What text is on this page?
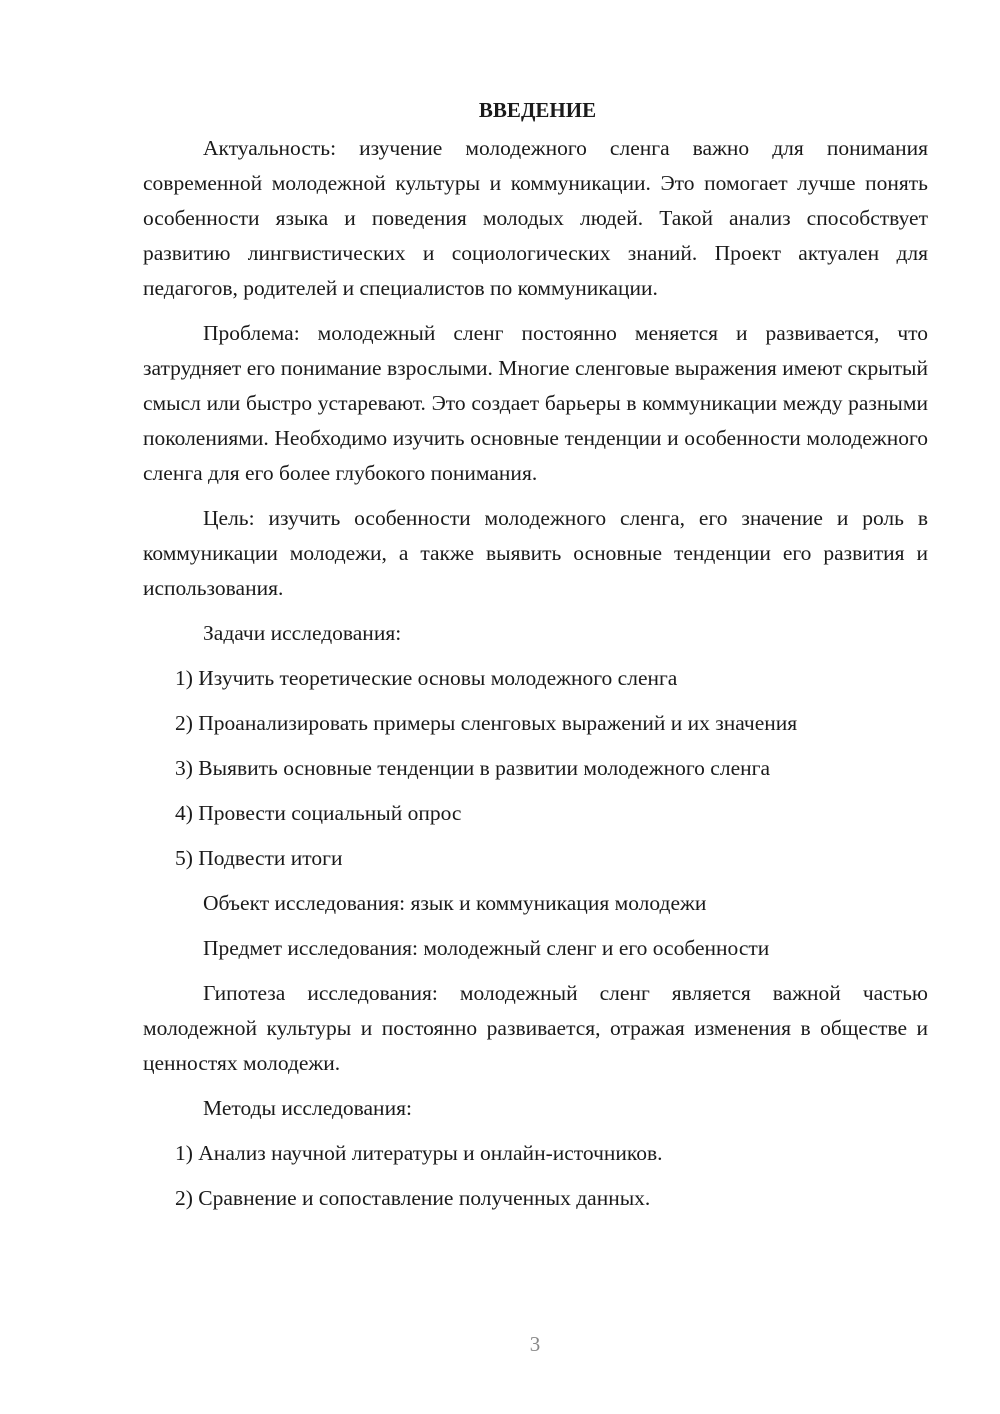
ВВЕДЕНИЕ

Актуальность: изучение молодежного сленга важно для понимания современной молодежной культуры и коммуникации. Это помогает лучше понять особенности языка и поведения молодых людей. Такой анализ способствует развитию лингвистических и социологических знаний. Проект актуален для педагогов, родителей и специалистов по коммуникации.

Проблема: молодежный сленг постоянно меняется и развивается, что затрудняет его понимание взрослыми. Многие сленговые выражения имеют скрытый смысл или быстро устаревают. Это создает барьеры в коммуникации между разными поколениями. Необходимо изучить основные тенденции и особенности молодежного сленга для его более глубокого понимания.

Цель: изучить особенности молодежного сленга, его значение и роль в коммуникации молодежи, а также выявить основные тенденции его развития и использования.

Задачи исследования:

1) Изучить теоретические основы молодежного сленга
2) Проанализировать примеры сленговых выражений и их значения
3) Выявить основные тенденции в развитии молодежного сленга
4) Провести социальный опрос
5) Подвести итоги

Объект исследования: язык и коммуникация молодежи

Предмет исследования: молодежный сленг и его особенности

Гипотеза исследования: молодежный сленг является важной частью молодежной культуры и постоянно развивается, отражая изменения в обществе и ценностях молодежи.

Методы исследования:

1) Анализ научной литературы и онлайн-источников.
2) Сравнение и сопоставление полученных данных.
3
